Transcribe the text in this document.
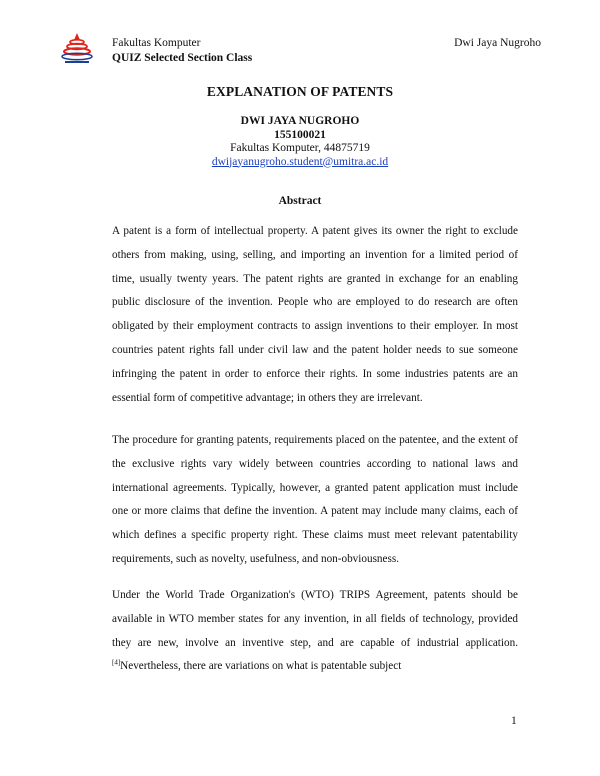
Fakultas Komputer
QUIZ Selected Section Class
Dwi Jaya Nugroho
EXPLANATION OF PATENTS
DWI JAYA NUGROHO
155100021
Fakultas Komputer, 44875719
dwijayanugroho.student@umitra.ac.id
Abstract

A patent is a form of intellectual property. A patent gives its owner the right to exclude others from making, using, selling, and importing an invention for a limited period of time, usually twenty years. The patent rights are granted in exchange for an enabling public disclosure of the invention. People who are employed to do research are often obligated by their employment contracts to assign inventions to their employer. In most countries patent rights fall under civil law and the patent holder needs to sue someone infringing the patent in order to enforce their rights. In some industries patents are an essential form of competitive advantage; in others they are irrelevant.

The procedure for granting patents, requirements placed on the patentee, and the extent of the exclusive rights vary widely between countries according to national laws and international agreements. Typically, however, a granted patent application must include one or more claims that define the invention. A patent may include many claims, each of which defines a specific property right. These claims must meet relevant patentability requirements, such as novelty, usefulness, and non-obviousness.

Under the World Trade Organization's (WTO) TRIPS Agreement, patents should be available in WTO member states for any invention, in all fields of technology, provided they are new, involve an inventive step, and are capable of industrial application.[4]Nevertheless, there are variations on what is patentable subject

1
